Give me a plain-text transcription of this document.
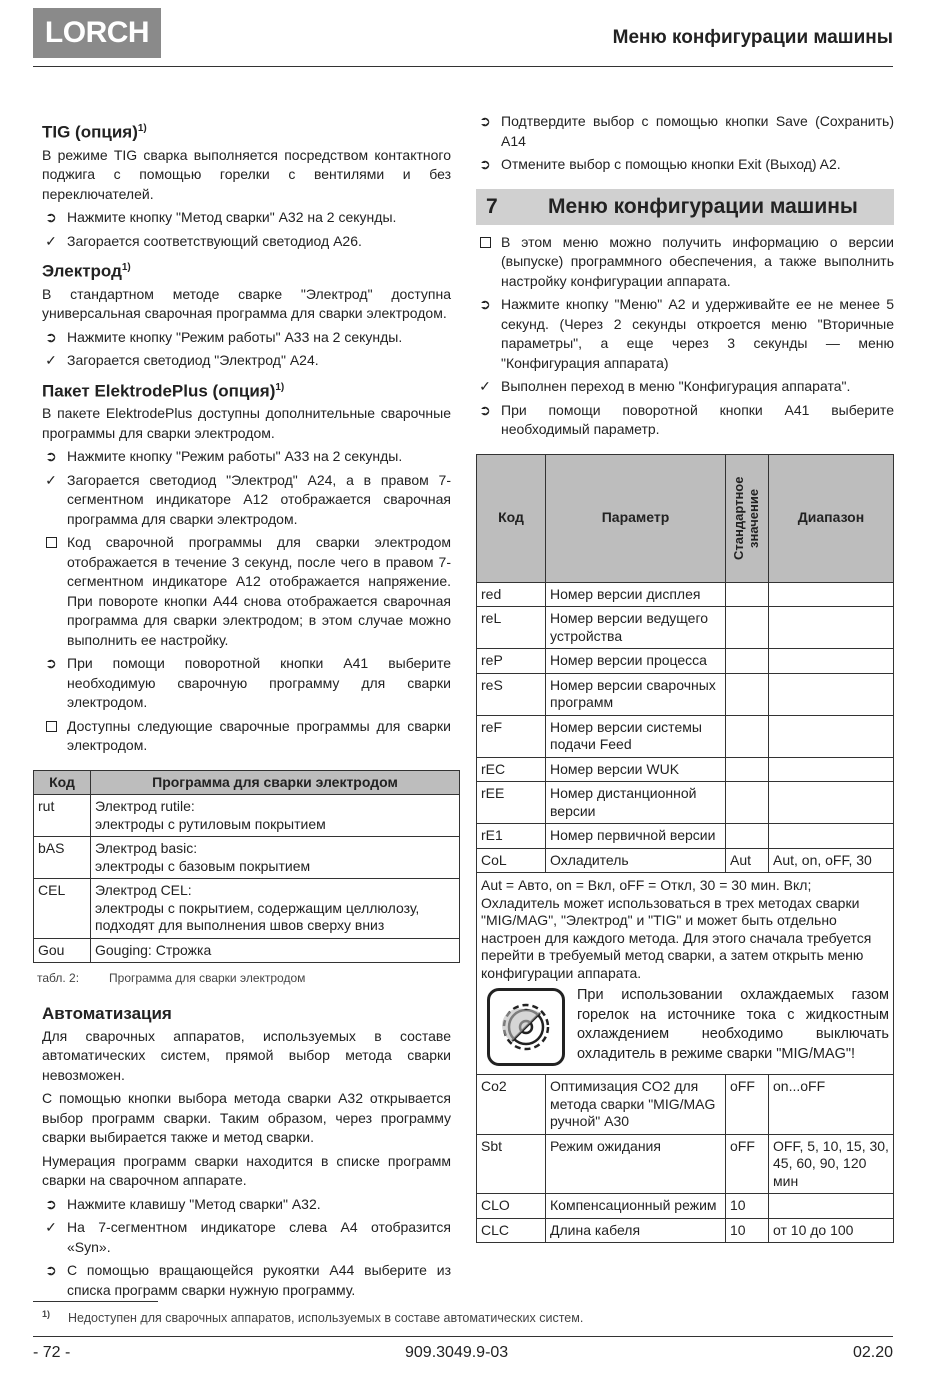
LORCH	Меню конфигурации машины
TIG (опция)$^{1)}$

В режиме TIG сварка выполняется посредством контактного поджига с помощью горелки с вентилями и без переключателей.

➲ Нажмите кнопку "Метод сварки" A32 на 2 секунды.
✓ Загорается соответствующий светодиод A26.
Электрод$^{1)}$

В стандартном методе сварке "Электрод" доступна универсальная сварочная программа для сварки электродом.

➲ Нажмите кнопку "Режим работы" A33 на 2 секунды.
✓ Загорается светодиод "Электрод" A24.
Пакет ElektrodePlus (опция)$^{1)}$

В пакете ElektrodePlus доступны дополнительные сварочные программы для сварки электродом.

➲ Нажмите кнопку "Режим работы" A33 на 2 секунды.
✓ Загорается светодиод "Электрод" A24, а в правом 7-сегментном индикаторе A12 отображается сварочная программа для сварки электродом.
Код сварочной программы для сварки электродом отображается в течение 3 секунд, после чего в правом 7-сегментном индикаторе A12 отображается напряжение. При повороте кнопки A44 снова отображается сварочная программа для сварки электродом; в этом случае можно выполнить ее настройку.
➲ При помощи поворотной кнопки A41 выберите необходимую сварочную программу для сварки электродом.
Доступны следующие сварочные программы для сварки электродом.
Код	Программа для сварки электродом
rut	Электрод rutile:
электроды с рутиловым покрытием
bAS	Электрод basic:
электроды с базовым покрытием
CEL	Электрод CEL:
электроды с покрытием, содержащим целлюлозу, подходят для выполнения швов сверху вниз
Gou	Gouging: Строжка
табл. 2:	Программа для сварки электродом
Автоматизация

Для сварочных аппаратов, используемых в составе автоматических систем, прямой выбор метода сварки невозможен.

С помощью кнопки выбора метода сварки A32 открывается выбор программ сварки. Таким образом, через программу сварки выбирается также и метод сварки.

Нумерация программ сварки находится в списке программ сварки на сварочном аппарате.

➲ Нажмите клавишу "Метод сварки" A32.
✓ На 7-сегментном индикаторе слева A4 отобразится «Syn».
➲ С помощью вращающейся рукоятки A44 выберите из списка программ сварки нужную программу.
➲ Подтвердите выбор с помощью кнопки Save (Сохранить) A14
➲ Отмените выбор с помощью кнопки Exit (Выход) A2.
7	Меню конфигурации машины
В этом меню можно получить информацию о версии (выпуске) программного обеспечения, а также выполнить настройку конфигурации аппарата.
➲ Нажмите кнопку "Меню" A2 и удерживайте ее не менее 5 секунд. (Через 2 секунды откроется меню "Вторичные параметры", а еще через 3 секунды — меню "Конфигурация аппарата)
✓ Выполнен переход в меню "Конфигурация аппарата".
➲ При помощи поворотной кнопки A41 выберите необходимый параметр.
Код	Параметр	Стандартное значение	Диапазон
red	Номер версии дисплея		
reL	Номер версии ведущего устройства		
reP	Номер версии процесса		
reS	Номер версии сварочных программ		
reF	Номер версии системы подачи Feed		
rEC	Номер версии WUK		
rEE	Номер дистанционной версии		
rE1	Номер первичной версии		
CoL	Охладитель	Aut	Aut, on, oFF, 30

Aut = Авто, on = Вкл, oFF = Откл, 30 = 30 мин. Вкл;
Охладитель может использоваться в трех методах сварки "MIG/MAG", "Электрод" и "TIG" и может быть отдельно настроен для каждого метода. Для этого сначала требуется перейти в требуемый метод сварки, а затем открыть меню конфигурации аппарата.
При использовании охлаждаемых газом горелок на источнике тока с жидкостным охлаждением необходимо выключать охладитель в режиме сварки "MIG/MAG"!			

Co2	Оптимизация CO2 для метода сварки "MIG/MAG ручной" A30	oFF	on...oFF
Sbt	Режим ожидания	oFF	OFF, 5, 10, 15, 30, 45, 60, 90, 120 мин
CLO	Компенсационный режим	10	
CLC	Длина кабеля	10	от 10 до 100
$^{1)}$ Недоступен для сварочных аппаратов, используемых в составе автоматических систем.
- 72 -	909.3049.9-03	02.20
